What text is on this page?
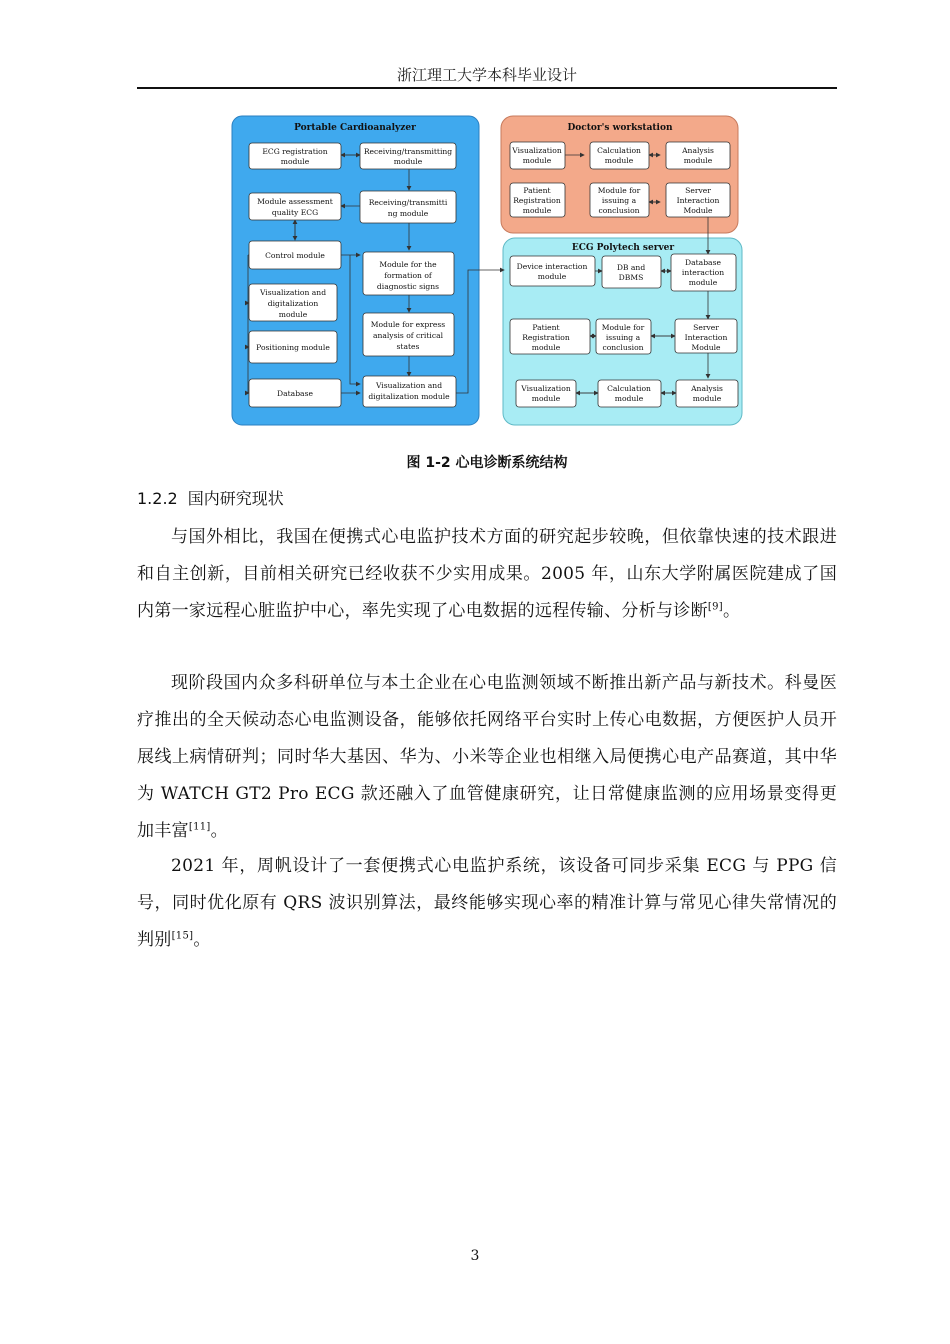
浙江理工大学本科毕业设计
Portable Cardioanalyzer	Doctor's workstation
ECG Polytech server
ECG registration module
Receiving/transmitting module
Module assessment quality ECG
Receiving/transmitti ng module
Control module
Module for the formation of diagnostic signs
Visualization and digitalization module
Positioning module
Module for express analysis of critical states
Database
Visualization and digitalization module
Visualization module
Calculation module
Analysis module
Patient Registration module
Module for issuing a conclusion
Server Interaction Module
Device interaction module
DB and DBMS
Database interaction module
Patient Registration module
Module for issuing a conclusion
Server Interaction Module
Visualization module
Calculation module
Analysis module
图 1-2 心电诊断系统结构
1.2.2 国内研究现状

与国外相比，我国在便携式心电监护技术方面的研究起步较晚，但依靠快速的技术跟进和自主创新，目前相关研究已经收获不少实用成果。2005 年，山东大学附属医院建成了国内第一家远程心脏监护中心，率先实现了心电数据的远程传输、分析与诊断[9]。

现阶段国内众多科研单位与本土企业在心电监测领域不断推出新产品与新技术。科曼医疗推出的全天候动态心电监测设备，能够依托网络平台实时上传心电数据，方便医护人员开展线上病情研判；同时华大基因、华为、小米等企业也相继入局便携心电产品赛道，其中华为 WATCH GT2 Pro ECG 款还融入了血管健康研究，让日常健康监测的应用场景变得更加丰富[11]。

2021 年，周帆设计了一套便携式心电监护系统，该设备可同步采集 ECG 与 PPG 信号，同时优化原有 QRS 波识别算法，最终能够实现心率的精准计算与常见心律失常情况的判别[15]。

3
